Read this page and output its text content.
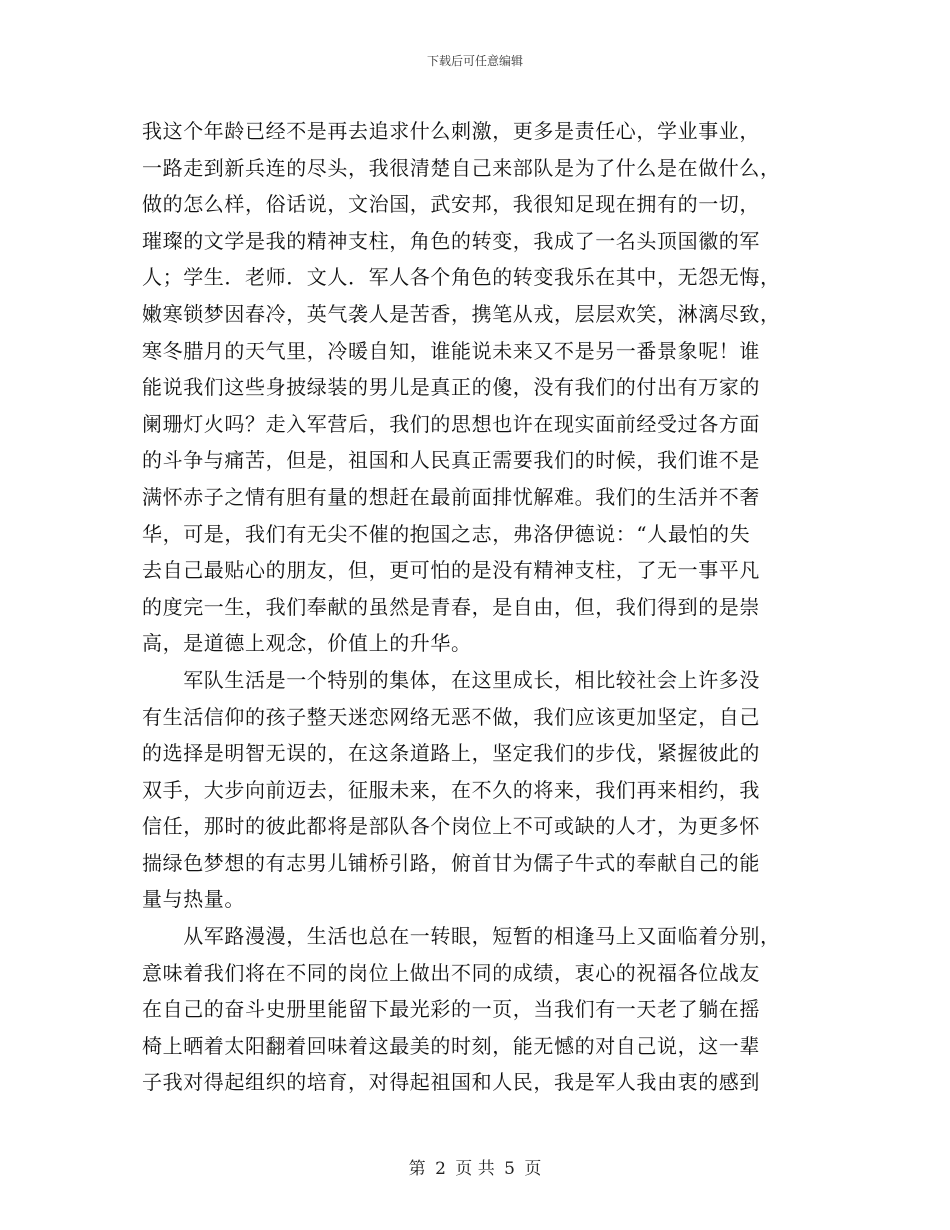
下载后可任意编辑
我这个年龄已经不是再去追求什么刺激，更多是责任心，学业事业，
一路走到新兵连的尽头，我很清楚自己来部队是为了什么是在做什么，
做的怎么样，俗话说，文治国，武安邦，我很知足现在拥有的一切，
璀璨的文学是我的精神支柱，角色的转变，我成了一名头顶国徽的军
人；学生．老师．文人．军人各个角色的转变我乐在其中，无怨无悔，
嫩寒锁梦因春冷，英气袭人是苦香，携笔从戎，层层欢笑，淋漓尽致，
寒冬腊月的天气里，冷暖自知，谁能说未来又不是另一番景象呢！谁
能说我们这些身披绿装的男儿是真正的傻，没有我们的付出有万家的
阑珊灯火吗？走入军营后，我们的思想也许在现实面前经受过各方面
的斗争与痛苦，但是，祖国和人民真正需要我们的时候，我们谁不是
满怀赤子之情有胆有量的想赶在最前面排忧解难。我们的生活并不奢
华，可是，我们有无尖不催的抱国之志，弗洛伊德说：“人最怕的失
去自己最贴心的朋友，但，更可怕的是没有精神支柱，了无一事平凡
的度完一生，我们奉献的虽然是青春，是自由，但，我们得到的是崇
高，是道德上观念，价值上的升华。
　　军队生活是一个特别的集体，在这里成长，相比较社会上许多没
有生活信仰的孩子整天迷恋网络无恶不做，我们应该更加坚定，自己
的选择是明智无误的，在这条道路上，坚定我们的步伐，紧握彼此的
双手，大步向前迈去，征服未来，在不久的将来，我们再来相约，我
信任，那时的彼此都将是部队各个岗位上不可或缺的人才，为更多怀
揣绿色梦想的有志男儿铺桥引路，俯首甘为儒子牛式的奉献自己的能
量与热量。
　　从军路漫漫，生活也总在一转眼，短暂的相逢马上又面临着分别，
意味着我们将在不同的岗位上做出不同的成绩，衷心的祝福各位战友
在自己的奋斗史册里能留下最光彩的一页，当我们有一天老了躺在摇
椅上晒着太阳翻着回味着这最美的时刻，能无憾的对自己说，这一辈
子我对得起组织的培育，对得起祖国和人民，我是军人我由衷的感到
第 2 页 共 5 页
